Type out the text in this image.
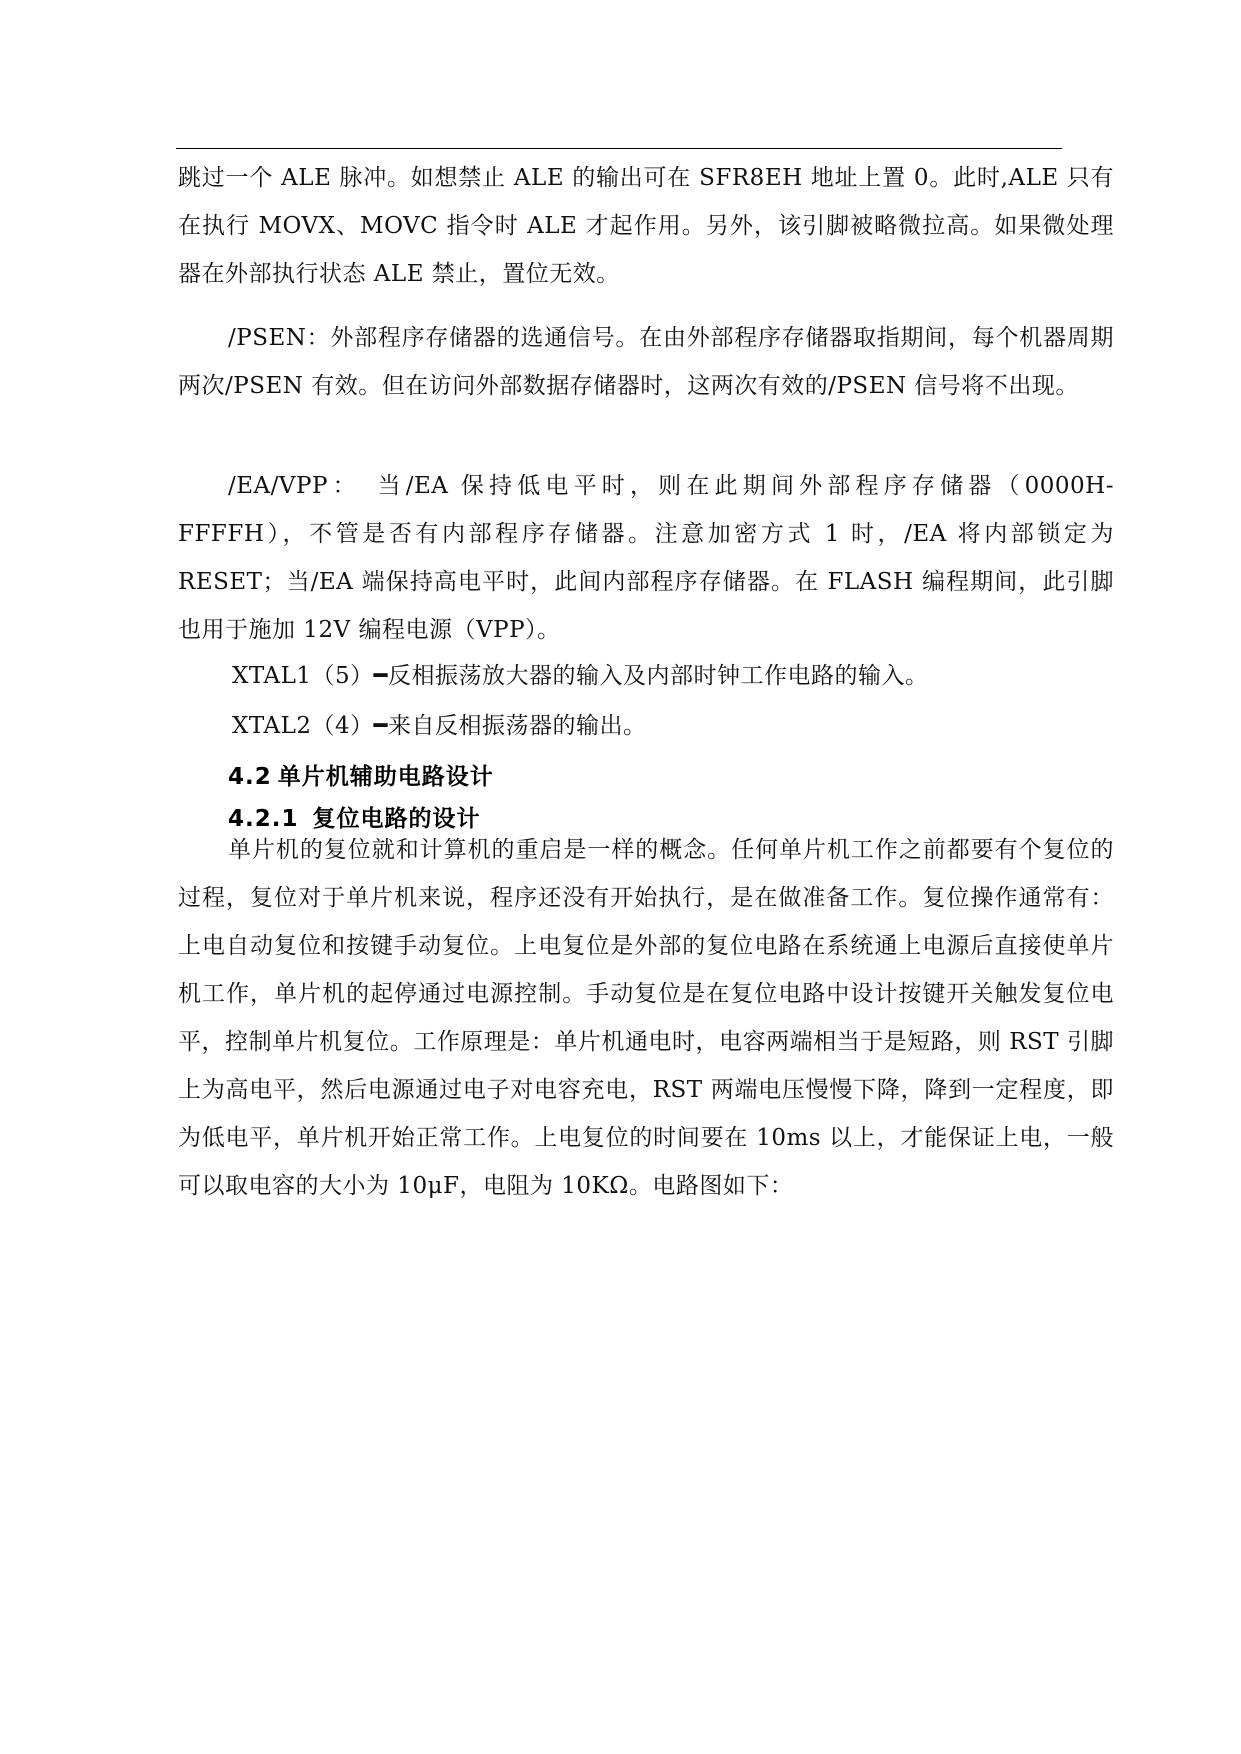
跳过一个 ALE 脉冲。如想禁止 ALE 的输出可在 SFR8EH 地址上置 0。此时,ALE 只有在执行 MOVX、MOVC 指令时 ALE 才起作用。另外，该引脚被略微拉高。如果微处理器在外部执行状态 ALE 禁止，置位无效。

/PSEN：外部程序存储器的选通信号。在由外部程序存储器取指期间，每个机器周期两次/PSEN 有效。但在访问外部数据存储器时，这两次有效的/PSEN 信号将不出现。

/EA/VPP：　当/EA 保持低电平时，则在此期间外部程序存储器（0000H-FFFFH），不管是否有内部程序存储器。注意加密方式 1 时，/EA 将内部锁定为 RESET；当/EA 端保持高电平时，此间内部程序存储器。在 FLASH 编程期间，此引脚也用于施加 12V 编程电源（VPP）。

XTAL1（5）━反相振荡放大器的输入及内部时钟工作电路的输入。

XTAL2（4）━来自反相振荡器的输出。

4.2 单片机辅助电路设计
4.2.1 复位电路的设计

单片机的复位就和计算机的重启是一样的概念。任何单片机工作之前都要有个复位的过程，复位对于单片机来说，程序还没有开始执行，是在做准备工作。复位操作通常有：上电自动复位和按键手动复位。上电复位是外部的复位电路在系统通上电源后直接使单片机工作，单片机的起停通过电源控制。手动复位是在复位电路中设计按键开关触发复位电平，控制单片机复位。工作原理是：单片机通电时，电容两端相当于是短路，则 RST 引脚上为高电平，然后电源通过电子对电容充电，RST 两端电压慢慢下降，降到一定程度，即为低电平，单片机开始正常工作。上电复位的时间要在 10ms 以上，才能保证上电，一般可以取电容的大小为 10μF，电阻为 10KΩ。电路图如下：
